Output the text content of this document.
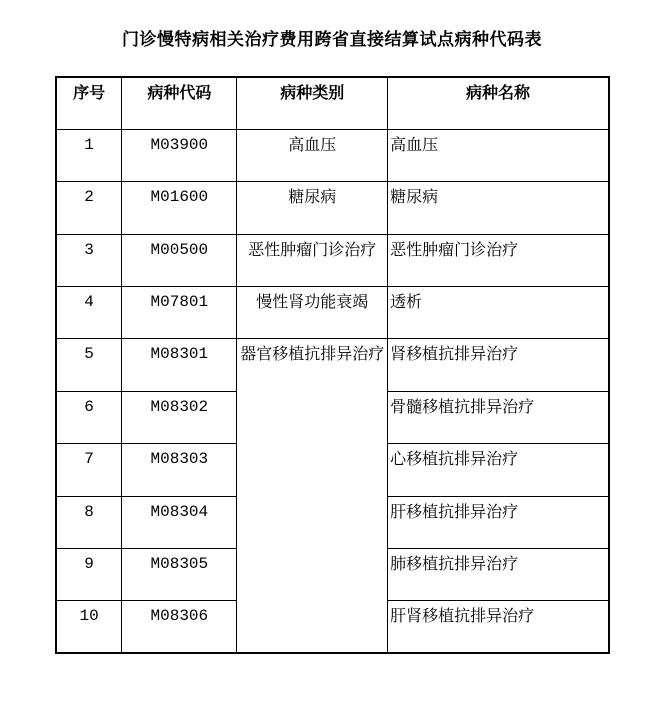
门诊慢特病相关治疗费用跨省直接结算试点病种代码表
序号	病种代码	病种类别	病种名称
1	M03900	高血压	高血压
2	M01600	糖尿病	糖尿病
3	M00500	恶性肿瘤门诊治疗	恶性肿瘤门诊治疗
4	M07801	慢性肾功能衰竭	透析
5	M08301	器官移植抗排异治疗	肾移植抗排异治疗
6	M08302		骨髓移植抗排异治疗
7	M08303		心移植抗排异治疗
8	M08304		肝移植抗排异治疗
9	M08305		肺移植抗排异治疗
10	M08306		肝肾移植抗排异治疗
